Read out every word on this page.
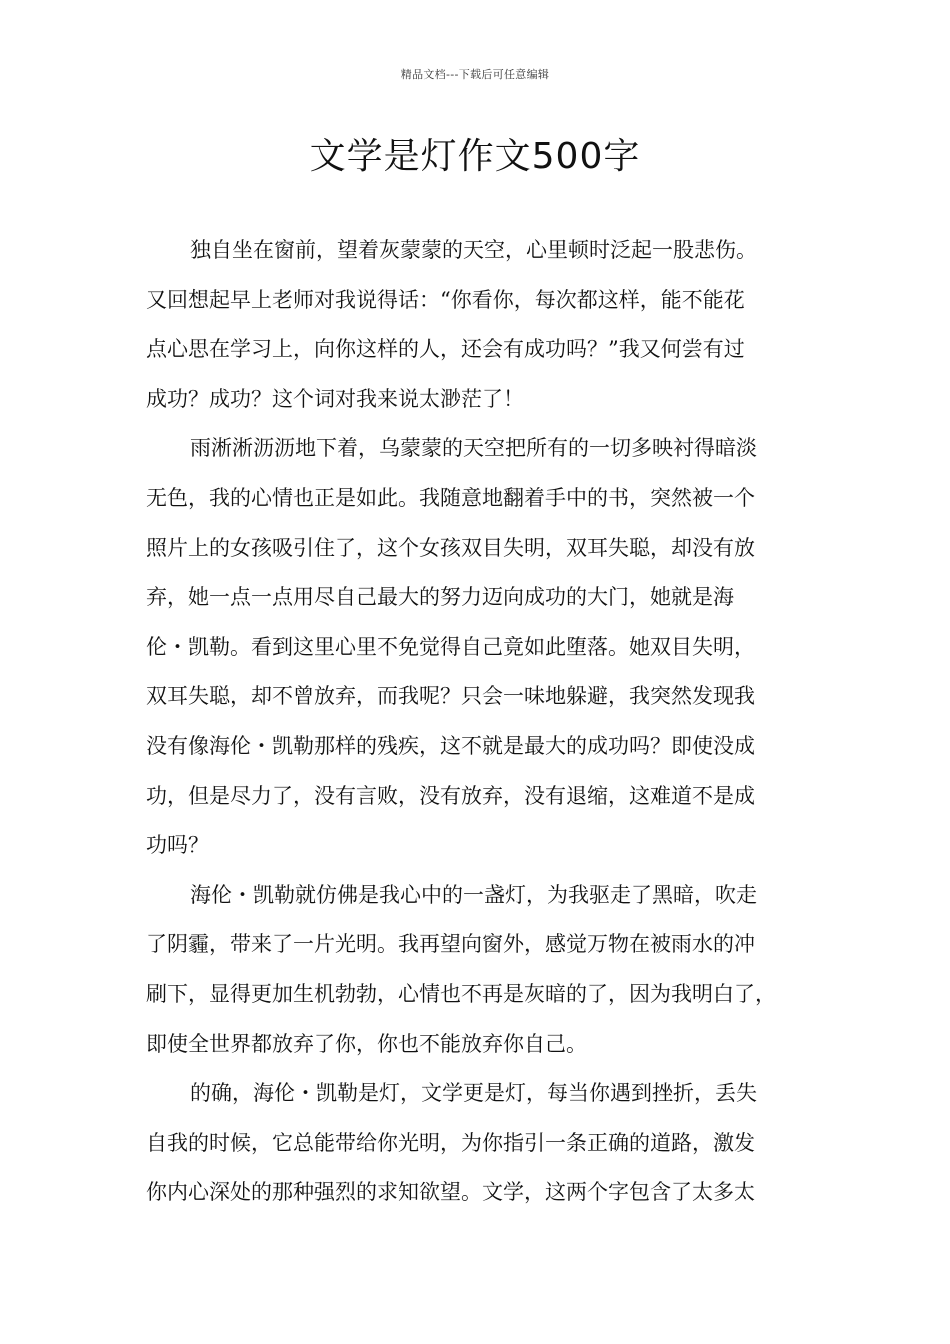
精品文档---下载后可任意编辑
文学是灯作文500字
独自坐在窗前，望着灰蒙蒙的天空，心里顿时泛起一股悲伤。
又回想起早上老师对我说得话：“你看你，每次都这样，能不能花
点心思在学习上，向你这样的人，还会有成功吗？”我又何尝有过
成功？成功？这个词对我来说太渺茫了！
雨淅淅沥沥地下着，乌蒙蒙的天空把所有的一切多映衬得暗淡
无色，我的心情也正是如此。我随意地翻着手中的书，突然被一个
照片上的女孩吸引住了，这个女孩双目失明，双耳失聪，却没有放
弃，她一点一点用尽自己最大的努力迈向成功的大门，她就是海
伦・凯勒。看到这里心里不免觉得自己竟如此堕落。她双目失明，
双耳失聪，却不曾放弃，而我呢？只会一味地躲避，我突然发现我
没有像海伦・凯勒那样的残疾，这不就是最大的成功吗？即使没成
功，但是尽力了，没有言败，没有放弃，没有退缩，这难道不是成
功吗？
海伦・凯勒就仿佛是我心中的一盏灯，为我驱走了黑暗，吹走
了阴霾，带来了一片光明。我再望向窗外，感觉万物在被雨水的冲
刷下，显得更加生机勃勃，心情也不再是灰暗的了，因为我明白了，
即使全世界都放弃了你，你也不能放弃你自己。
的确，海伦・凯勒是灯，文学更是灯，每当你遇到挫折，丢失
自我的时候，它总能带给你光明，为你指引一条正确的道路，激发
你内心深处的那种强烈的求知欲望。文学，这两个字包含了太多太
